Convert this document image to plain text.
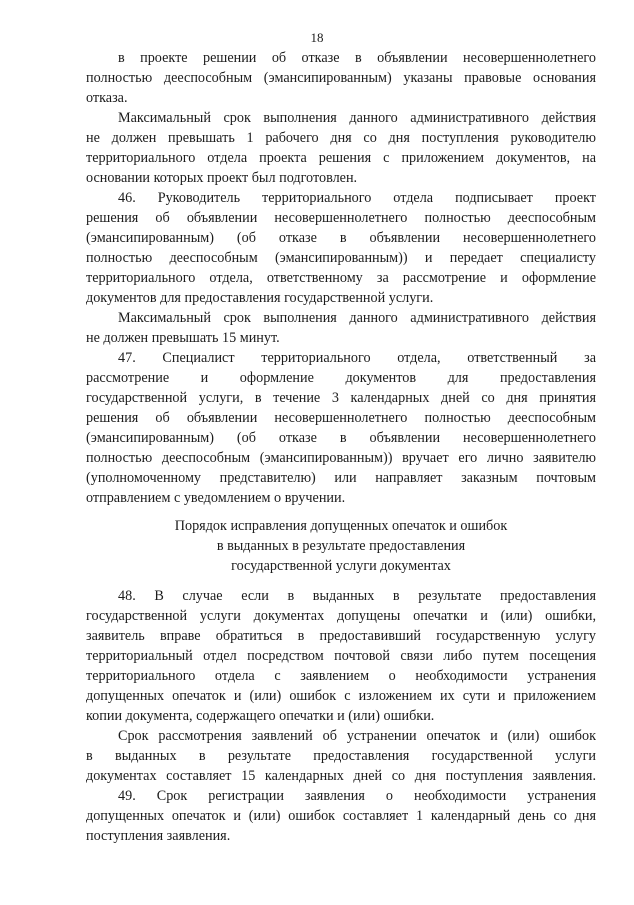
18
в проекте решении об отказе в объявлении несовершеннолетнего
полностью дееспособным (эмансипированным) указаны правовые основания
отказа.
Максимальный срок выполнения данного административного действия
не должен превышать 1 рабочего дня со дня поступления руководителю
территориального отдела проекта решения с приложением документов, на
основании которых проект был подготовлен.
46. Руководитель территориального отдела подписывает проект
решения об объявлении несовершеннолетнего полностью дееспособным
(эмансипированным) (об отказе в объявлении несовершеннолетнего
полностью дееспособным (эмансипированным)) и передает специалисту
территориального отдела, ответственному за рассмотрение и оформление
документов для предоставления государственной услуги.
Максимальный срок выполнения данного административного действия
не должен превышать 15 минут.
47. Специалист территориального отдела, ответственный за
рассмотрение и оформление документов для предоставления
государственной услуги, в течение 3 календарных дней со дня принятия
решения об объявлении несовершеннолетнего полностью дееспособным
(эмансипированным) (об отказе в объявлении несовершеннолетнего
полностью дееспособным (эмансипированным)) вручает его лично заявителю
(уполномоченному представителю) или направляет заказным почтовым
отправлением с уведомлением о вручении.
Порядок исправления допущенных опечаток и ошибок
в выданных в результате предоставления
государственной услуги документах
48. В случае если в выданных в результате предоставления
государственной услуги документах допущены опечатки и (или) ошибки,
заявитель вправе обратиться в предоставивший государственную услугу
территориальный отдел посредством почтовой связи либо путем посещения
территориального отдела с заявлением о необходимости устранения
допущенных опечаток и (или) ошибок с изложением их сути и приложением
копии документа, содержащего опечатки и (или) ошибки.
Срок рассмотрения заявлений об устранении опечаток и (или) ошибок
в выданных в результате предоставления государственной услуги
документах составляет 15 календарных дней со дня поступления заявления.
49. Срок регистрации заявления о необходимости устранения
допущенных опечаток и (или) ошибок составляет 1 календарный день со дня
поступления заявления.
